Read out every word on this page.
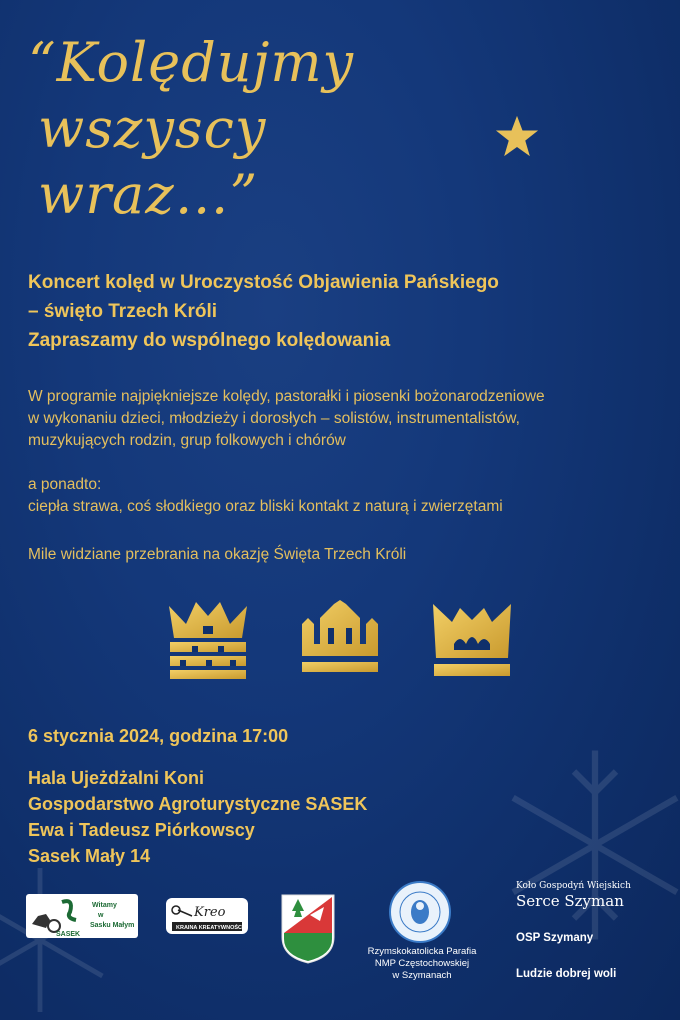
“Kolędujmy
wszyscy
wraz…”
Koncert kolęd w Uroczystość Objawienia Pańskiego
– święto Trzech Króli
Zapraszamy do wspólnego kolędowania
W programie najpiękniejsze kolędy, pastorałki i piosenki bożonarodzeniowe
w wykonaniu dzieci, młodzieży i dorosłych – solistów, instrumentalistów,
muzykujących rodzin, grup folkowych i chórów
a ponadto:
ciepła strawa, coś słodkiego oraz bliski kontakt z naturą i zwierzętami
Mile widziane przebrania na okazję Święta Trzech Króli
6 stycznia 2024, godzina 17:00
Hala Ujeżdżalni Koni
Gospodarstwo Agroturystyczne SASEK
Ewa i Tadeusz Piórkowscy
Sasek Mały 14
SASEK
Witamy
w
Sasku Małym
Kreo
KRAINA KREATYWNOŚCI
Rzymskokatolicka Parafia
NMP Częstochowskiej
w Szymanach
Koło Gospodyń Wiejskich
Serce Szyman
OSP Szymany
Ludzie dobrej woli
